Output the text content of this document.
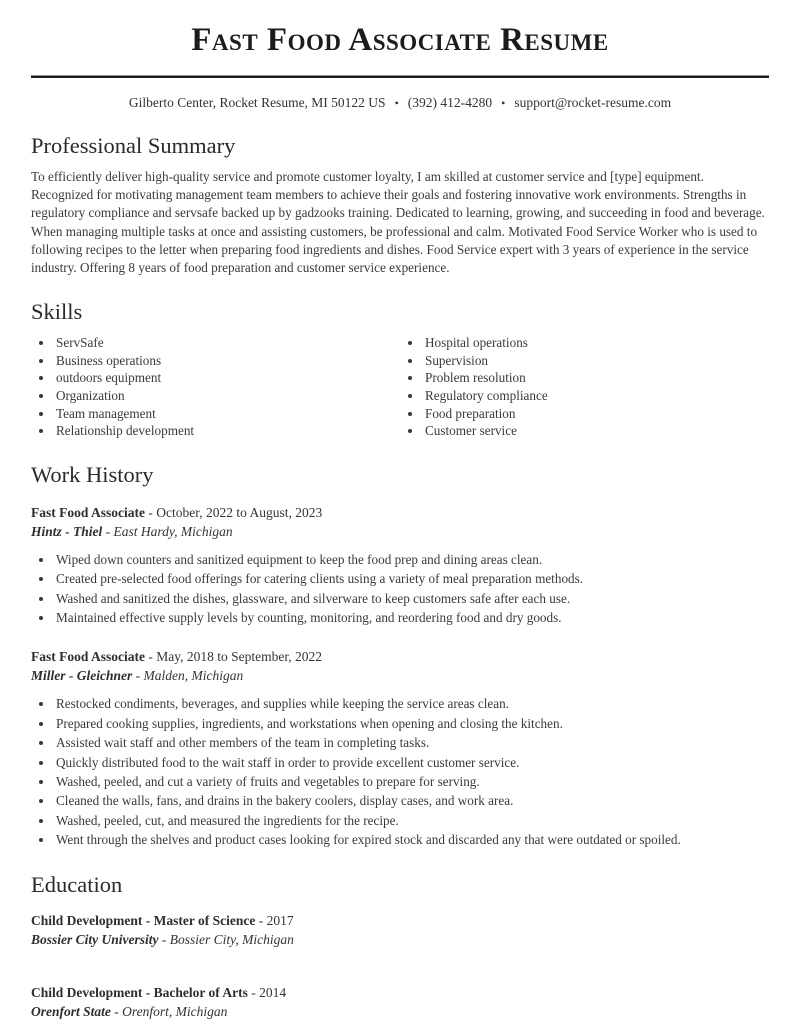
Fast Food Associate Resume
Gilberto Center, Rocket Resume, MI 50122 US • (392) 412-4280 • support@rocket-resume.com
Professional Summary

To efficiently deliver high-quality service and promote customer loyalty, I am skilled at customer service and [type] equipment. Recognized for motivating management team members to achieve their goals and fostering innovative work environments. Strengths in regulatory compliance and servsafe backed up by gadzooks training. Dedicated to learning, growing, and succeeding in food and beverage. When managing multiple tasks at once and assisting customers, be professional and calm. Motivated Food Service Worker who is used to following recipes to the letter when preparing food ingredients and dishes. Food Service expert with 3 years of experience in the service industry. Offering 8 years of food preparation and customer service experience.

Skills
• ServSafe
• Business operations
• outdoors equipment
• Organization
• Team management
• Relationship development
• Hospital operations
• Supervision
• Problem resolution
• Regulatory compliance
• Food preparation
• Customer service
Work History

Fast Food Associate - October, 2022 to August, 2023

Hintz - Thiel - East Hardy, Michigan

• Wiped down counters and sanitized equipment to keep the food prep and dining areas clean.
• Created pre-selected food offerings for catering clients using a variety of meal preparation methods.
• Washed and sanitized the dishes, glassware, and silverware to keep customers safe after each use.
• Maintained effective supply levels by counting, monitoring, and reordering food and dry goods.

Fast Food Associate - May, 2018 to September, 2022

Miller - Gleichner - Malden, Michigan

• Restocked condiments, beverages, and supplies while keeping the service areas clean.
• Prepared cooking supplies, ingredients, and workstations when opening and closing the kitchen.
• Assisted wait staff and other members of the team in completing tasks.
• Quickly distributed food to the wait staff in order to provide excellent customer service.
• Washed, peeled, and cut a variety of fruits and vegetables to prepare for serving.
• Cleaned the walls, fans, and drains in the bakery coolers, display cases, and work area.
• Washed, peeled, cut, and measured the ingredients for the recipe.
• Went through the shelves and product cases looking for expired stock and discarded any that were outdated or spoiled.
Education

Child Development - Master of Science - 2017

Bossier City University - Bossier City, Michigan

Child Development - Bachelor of Arts - 2014

Orenfort State - Orenfort, Michigan
